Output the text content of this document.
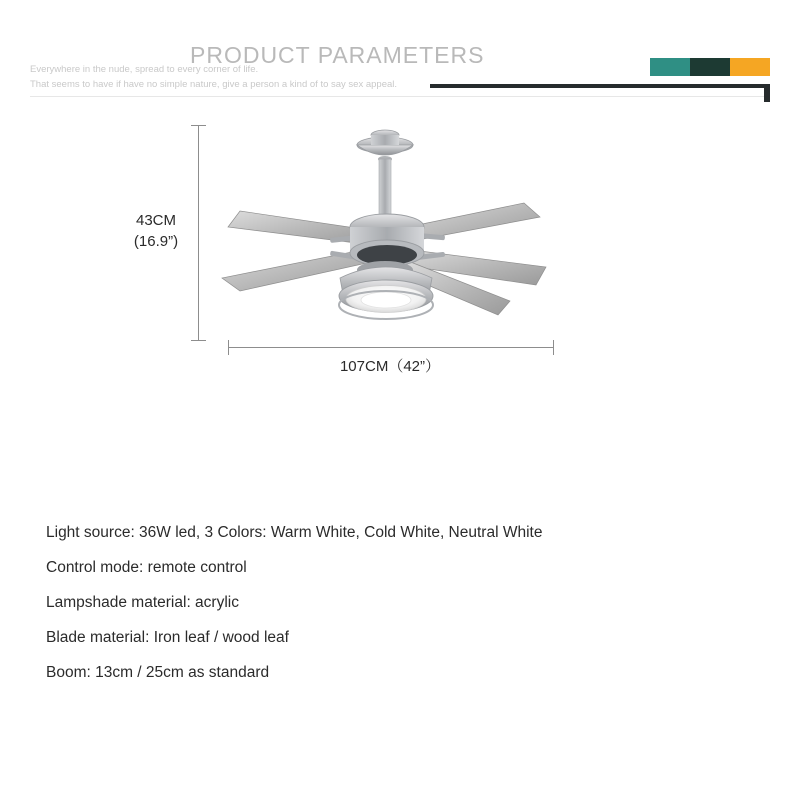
PRODUCT PARAMETERS
Everywhere in the nude, spread to every corner of life.
That seems to have if have no simple nature, give a person a kind of to say sex appeal.
43CM
(16.9”)
107CM（42”）
Light source: 36W led, 3 Colors: Warm White, Cold White, Neutral White
Control mode: remote control
Lampshade material: acrylic
Blade material: Iron leaf / wood leaf
Boom: 13cm / 25cm as standard
